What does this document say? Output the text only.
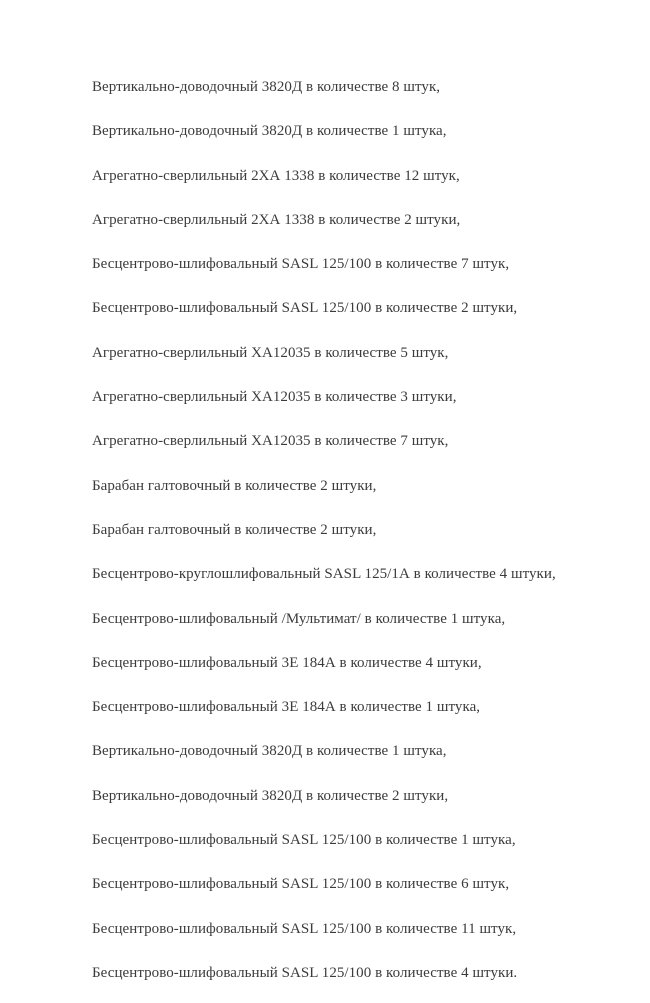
Вертикально-доводочный 3820Д в количестве 8 штук,

Вертикально-доводочный 3820Д в количестве 1 штука,

Агрегатно-сверлильный 2ХА 1338 в количестве 12 штук,

Агрегатно-сверлильный 2ХА 1338 в количестве 2 штуки,

Бесцентрово-шлифовальный SASL 125/100 в количестве 7 штук,

Бесцентрово-шлифовальный SASL 125/100 в количестве 2 штуки,

Агрегатно-сверлильный ХА12035 в количестве 5 штук,

Агрегатно-сверлильный ХА12035 в количестве 3 штуки,

Агрегатно-сверлильный ХА12035 в количестве 7 штук,

Барабан галтовочный в количестве 2 штуки,

Барабан галтовочный в количестве 2 штуки,

Бесцентрово-круглошлифовальный SASL 125/1А в количестве 4 штуки,

Бесцентрово-шлифовальный /Мультимат/ в количестве 1 штука,

Бесцентрово-шлифовальный 3Е 184А в количестве 4 штуки,

Бесцентрово-шлифовальный 3Е 184А в количестве 1 штука,

Вертикально-доводочный 3820Д в количестве 1 штука,

Вертикально-доводочный 3820Д в количестве 2 штуки,

Бесцентрово-шлифовальный SASL 125/100 в количестве 1 штука,

Бесцентрово-шлифовальный SASL 125/100 в количестве 6 штук,

Бесцентрово-шлифовальный SASL 125/100 в количестве 11 штук,

Бесцентрово-шлифовальный SASL 125/100 в количестве 4 штуки.
